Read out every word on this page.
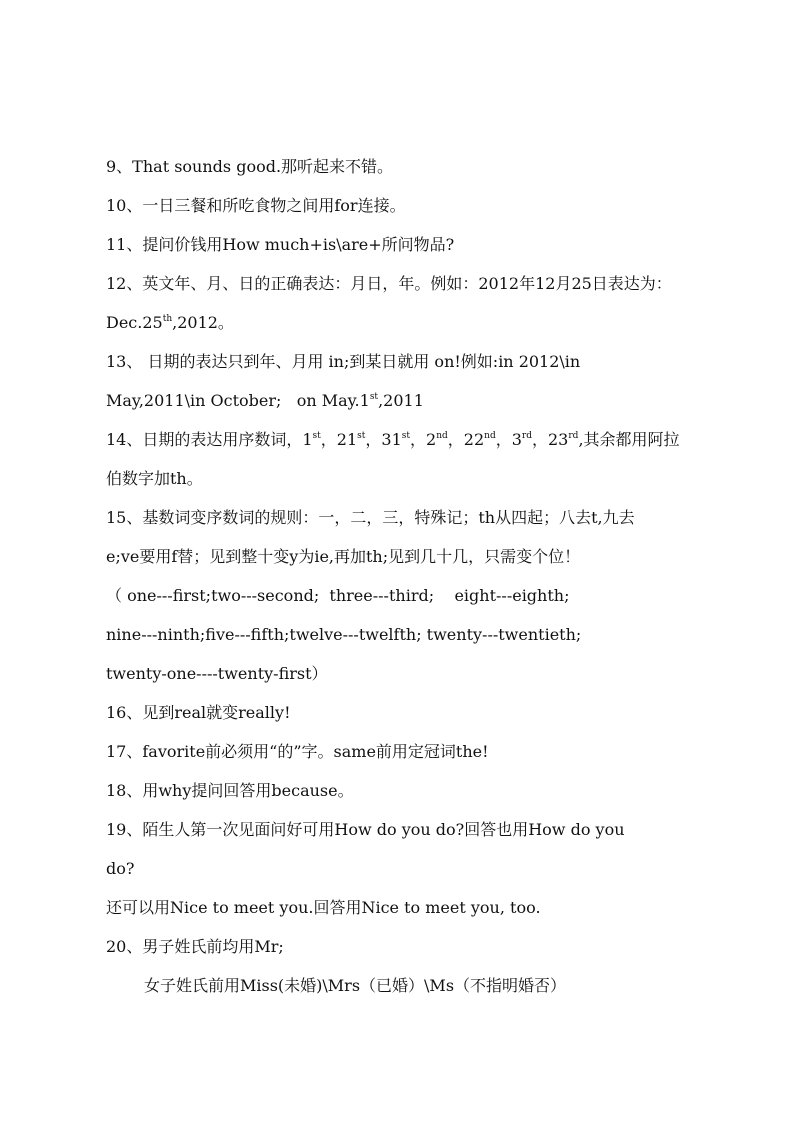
9、That sounds good.那听起来不错。
10、一日三餐和所吃食物之间用for连接。
11、提问价钱用How much+is\are+所问物品?
12、英文年、月、日的正确表达：月日，年。例如：2012年12月25日表达为：
Dec.25th,2012。
13、 日期的表达只到年、月用 in;到某日就用 on!例如:in 2012\in
May,2011\in October;   on May.1st,2011
14、日期的表达用序数词，1st，21st，31st，2nd，22nd，3rd，23rd,其余都用阿拉
伯数字加th。
15、基数词变序数词的规则：一，二，三，特殊记；th从四起；八去t,九去
e;ve要用f替；见到整十变y为ie,再加th;见到几十几，只需变个位！
（ one---first;two---second;  three---third;    eight---eighth;
nine---ninth;five---fifth;twelve---twelfth; twenty---twentieth;
twenty-one----twenty-first）
16、见到real就变really!
17、favorite前必须用“的”字。same前用定冠词the!
18、用why提问回答用because。
19、陌生人第一次见面问好可用How do you do?回答也用How do you
do?
还可以用Nice to meet you.回答用Nice to meet you, too.
20、男子姓氏前均用Mr;
女子姓氏前用Miss(未婚)\Mrs（已婚）\Ms（不指明婚否）
